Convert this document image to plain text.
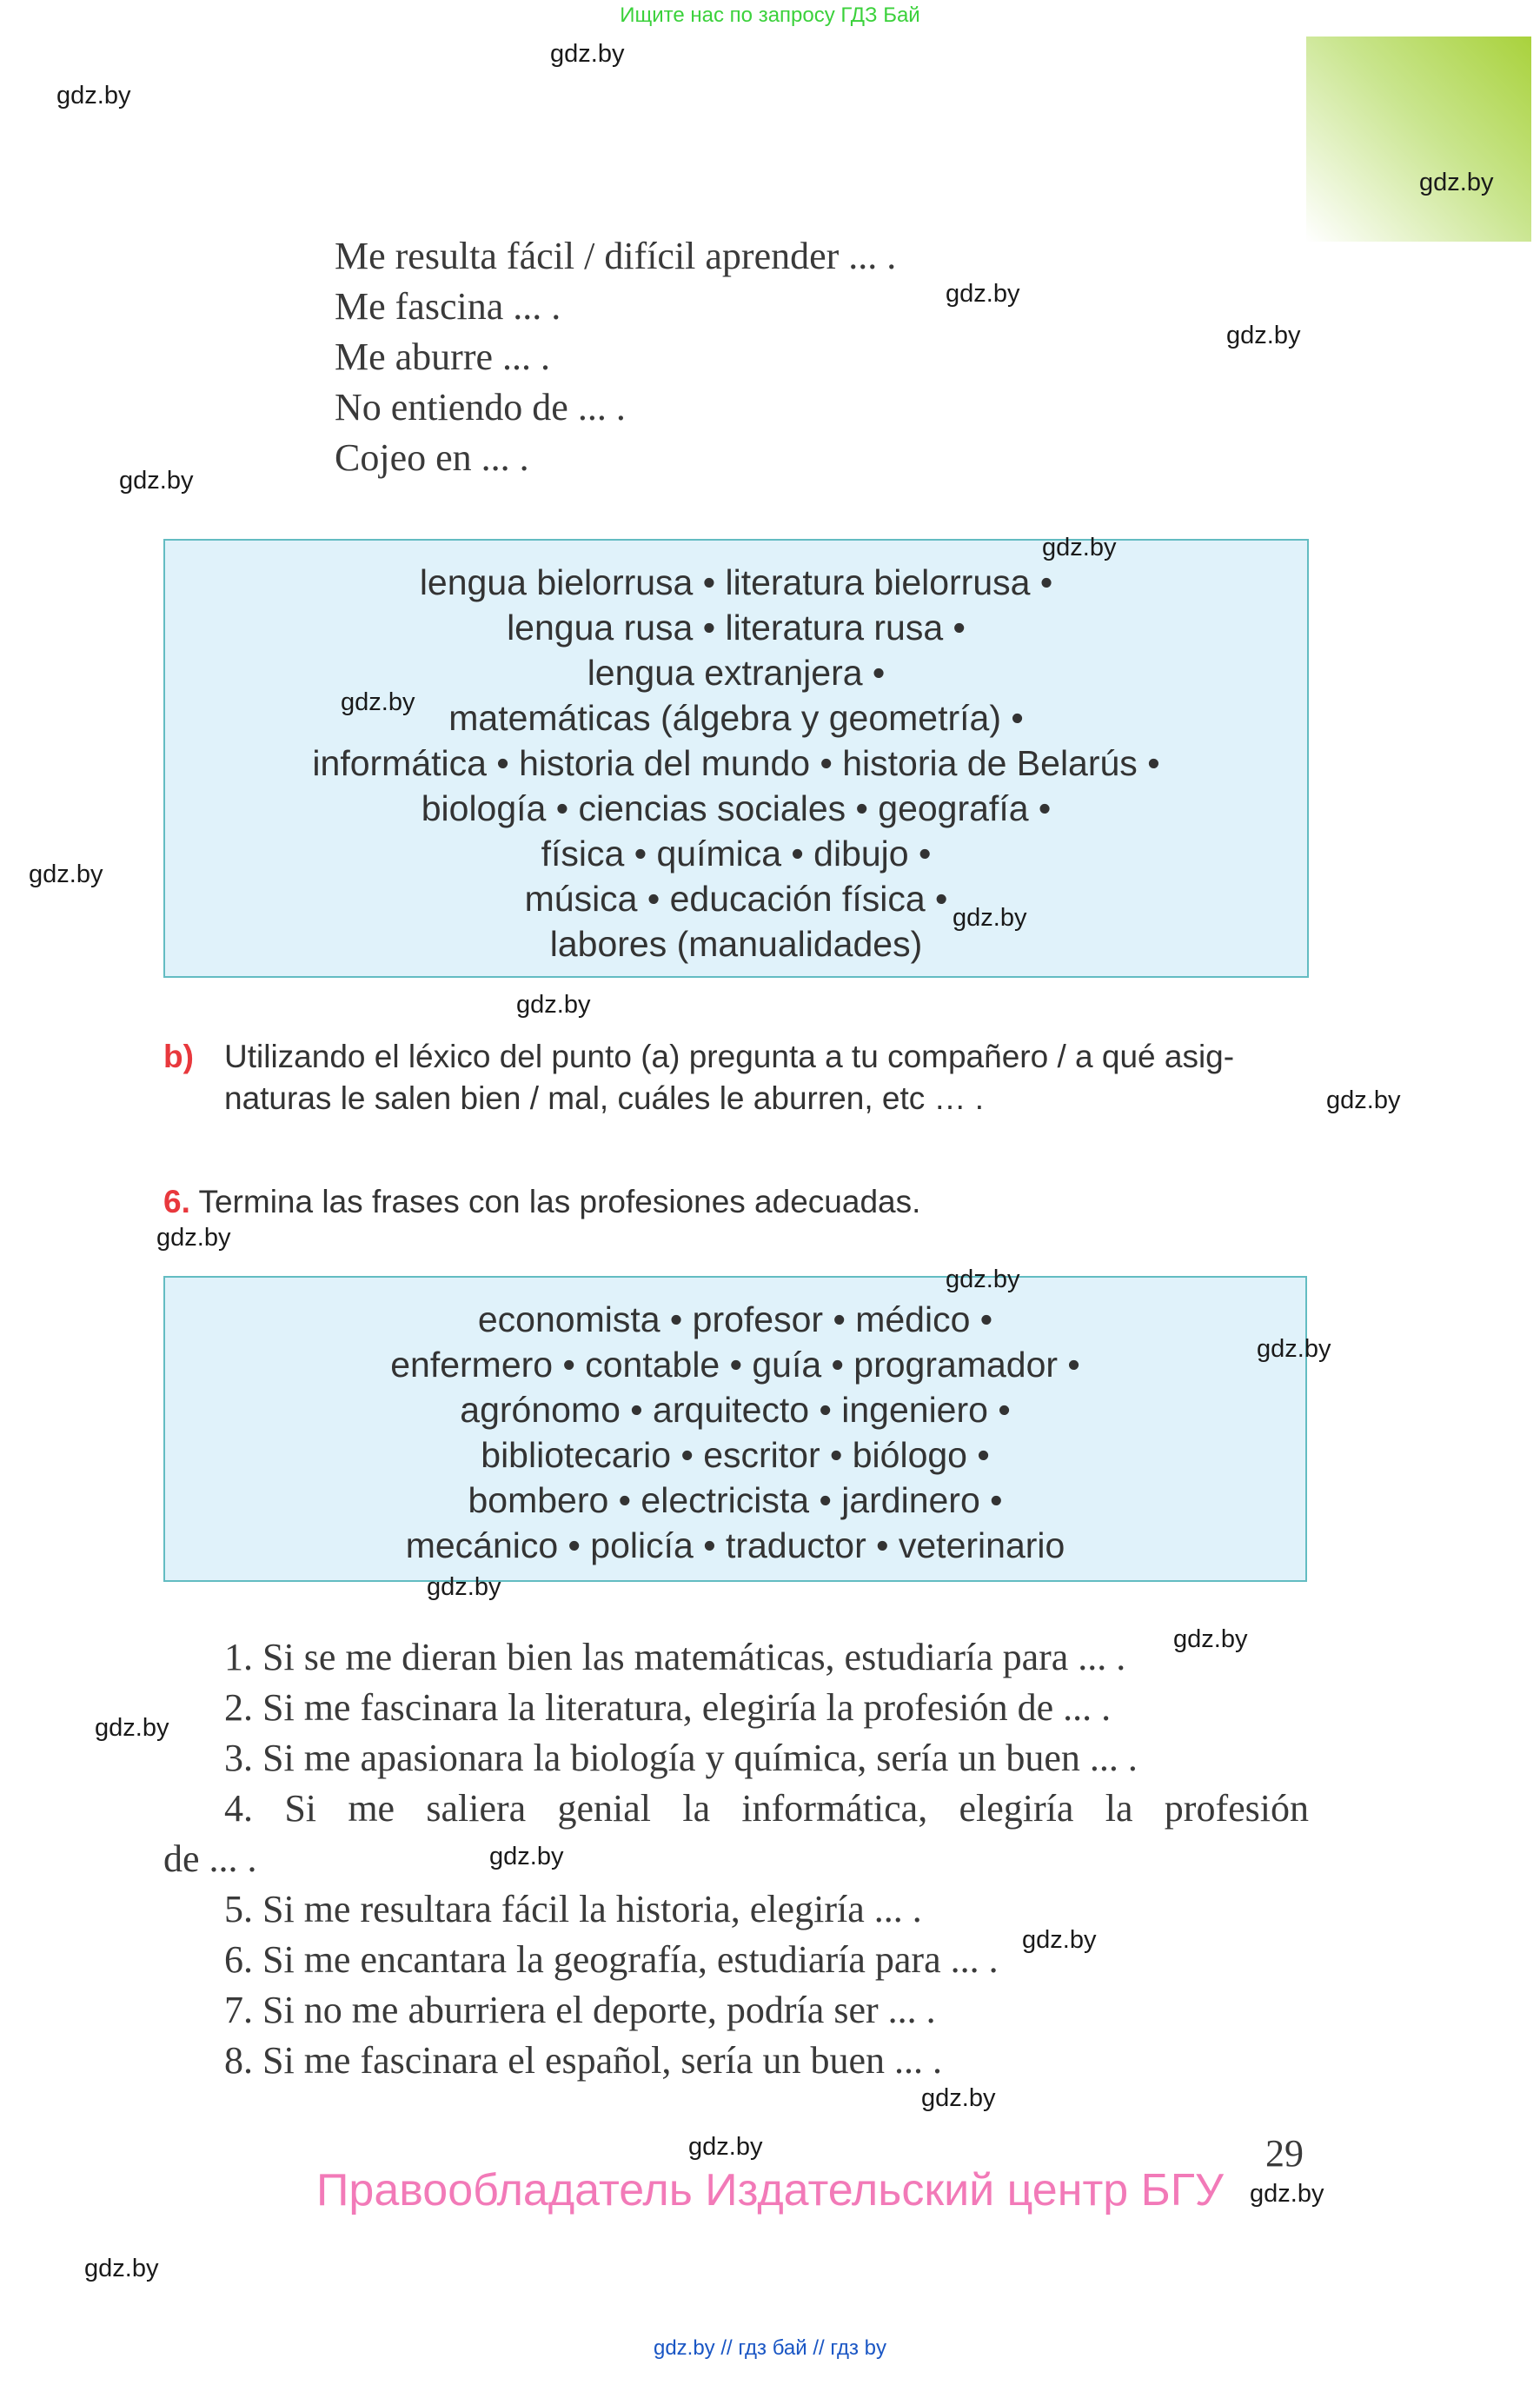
Ищите нас по запросу ГДЗ Бай
Me resulta fácil / difícil aprender ... .
Me fascina ... .
Me aburre ... .
No entiendo de ... .
Cojeo en ... .
lengua bielorrusa • literatura bielorrusa •
lengua rusa • literatura rusa •
lengua extranjera •
matemáticas (álgebra y geometría) •
informática • historia del mundo • historia de Belarús •
biología • ciencias sociales • geografía •
física • química • dibujo •
música • educación física •
labores (manualidades)
b) Utilizando el léxico del punto (a) pregunta a tu compañero / a qué asig-
naturas le salen bien / mal, cuáles le aburren, etc … .
6. Termina las frases con las profesiones adecuadas.
economista • profesor • médico •
enfermero • contable • guía • programador •
agrónomo • arquitecto • ingeniero •
bibliotecario • escritor • biólogo •
bombero • electricista • jardinero •
mecánico • policía • traductor • veterinario
1. Si se me dieran bien las matemáticas, estudiaría para ... .
2. Si me fascinara la literatura, elegiría la profesión de ... .
3. Si me apasionara la biología y química, sería un buen ... .
4. Si me saliera genial la informática, elegiría la profesión
de ... .
5. Si me resultara fácil la historia, elegiría ... .
6. Si me encantara la geografía, estudiaría para ... .
7. Si no me aburriera el deporte, podría ser ... .
8. Si me fascinara el español, sería un buen ... .
29
Правообладатель Издательский центр БГУ
gdz.by // гдз бай // гдз by
gdz.by
gdz.by
gdz.by
gdz.by
gdz.by
gdz.by
gdz.by
gdz.by
gdz.by
gdz.by
gdz.by
gdz.by
gdz.by
gdz.by
gdz.by
gdz.by
gdz.by
gdz.by
gdz.by
gdz.by
gdz.by
gdz.by
gdz.by
gdz.by
